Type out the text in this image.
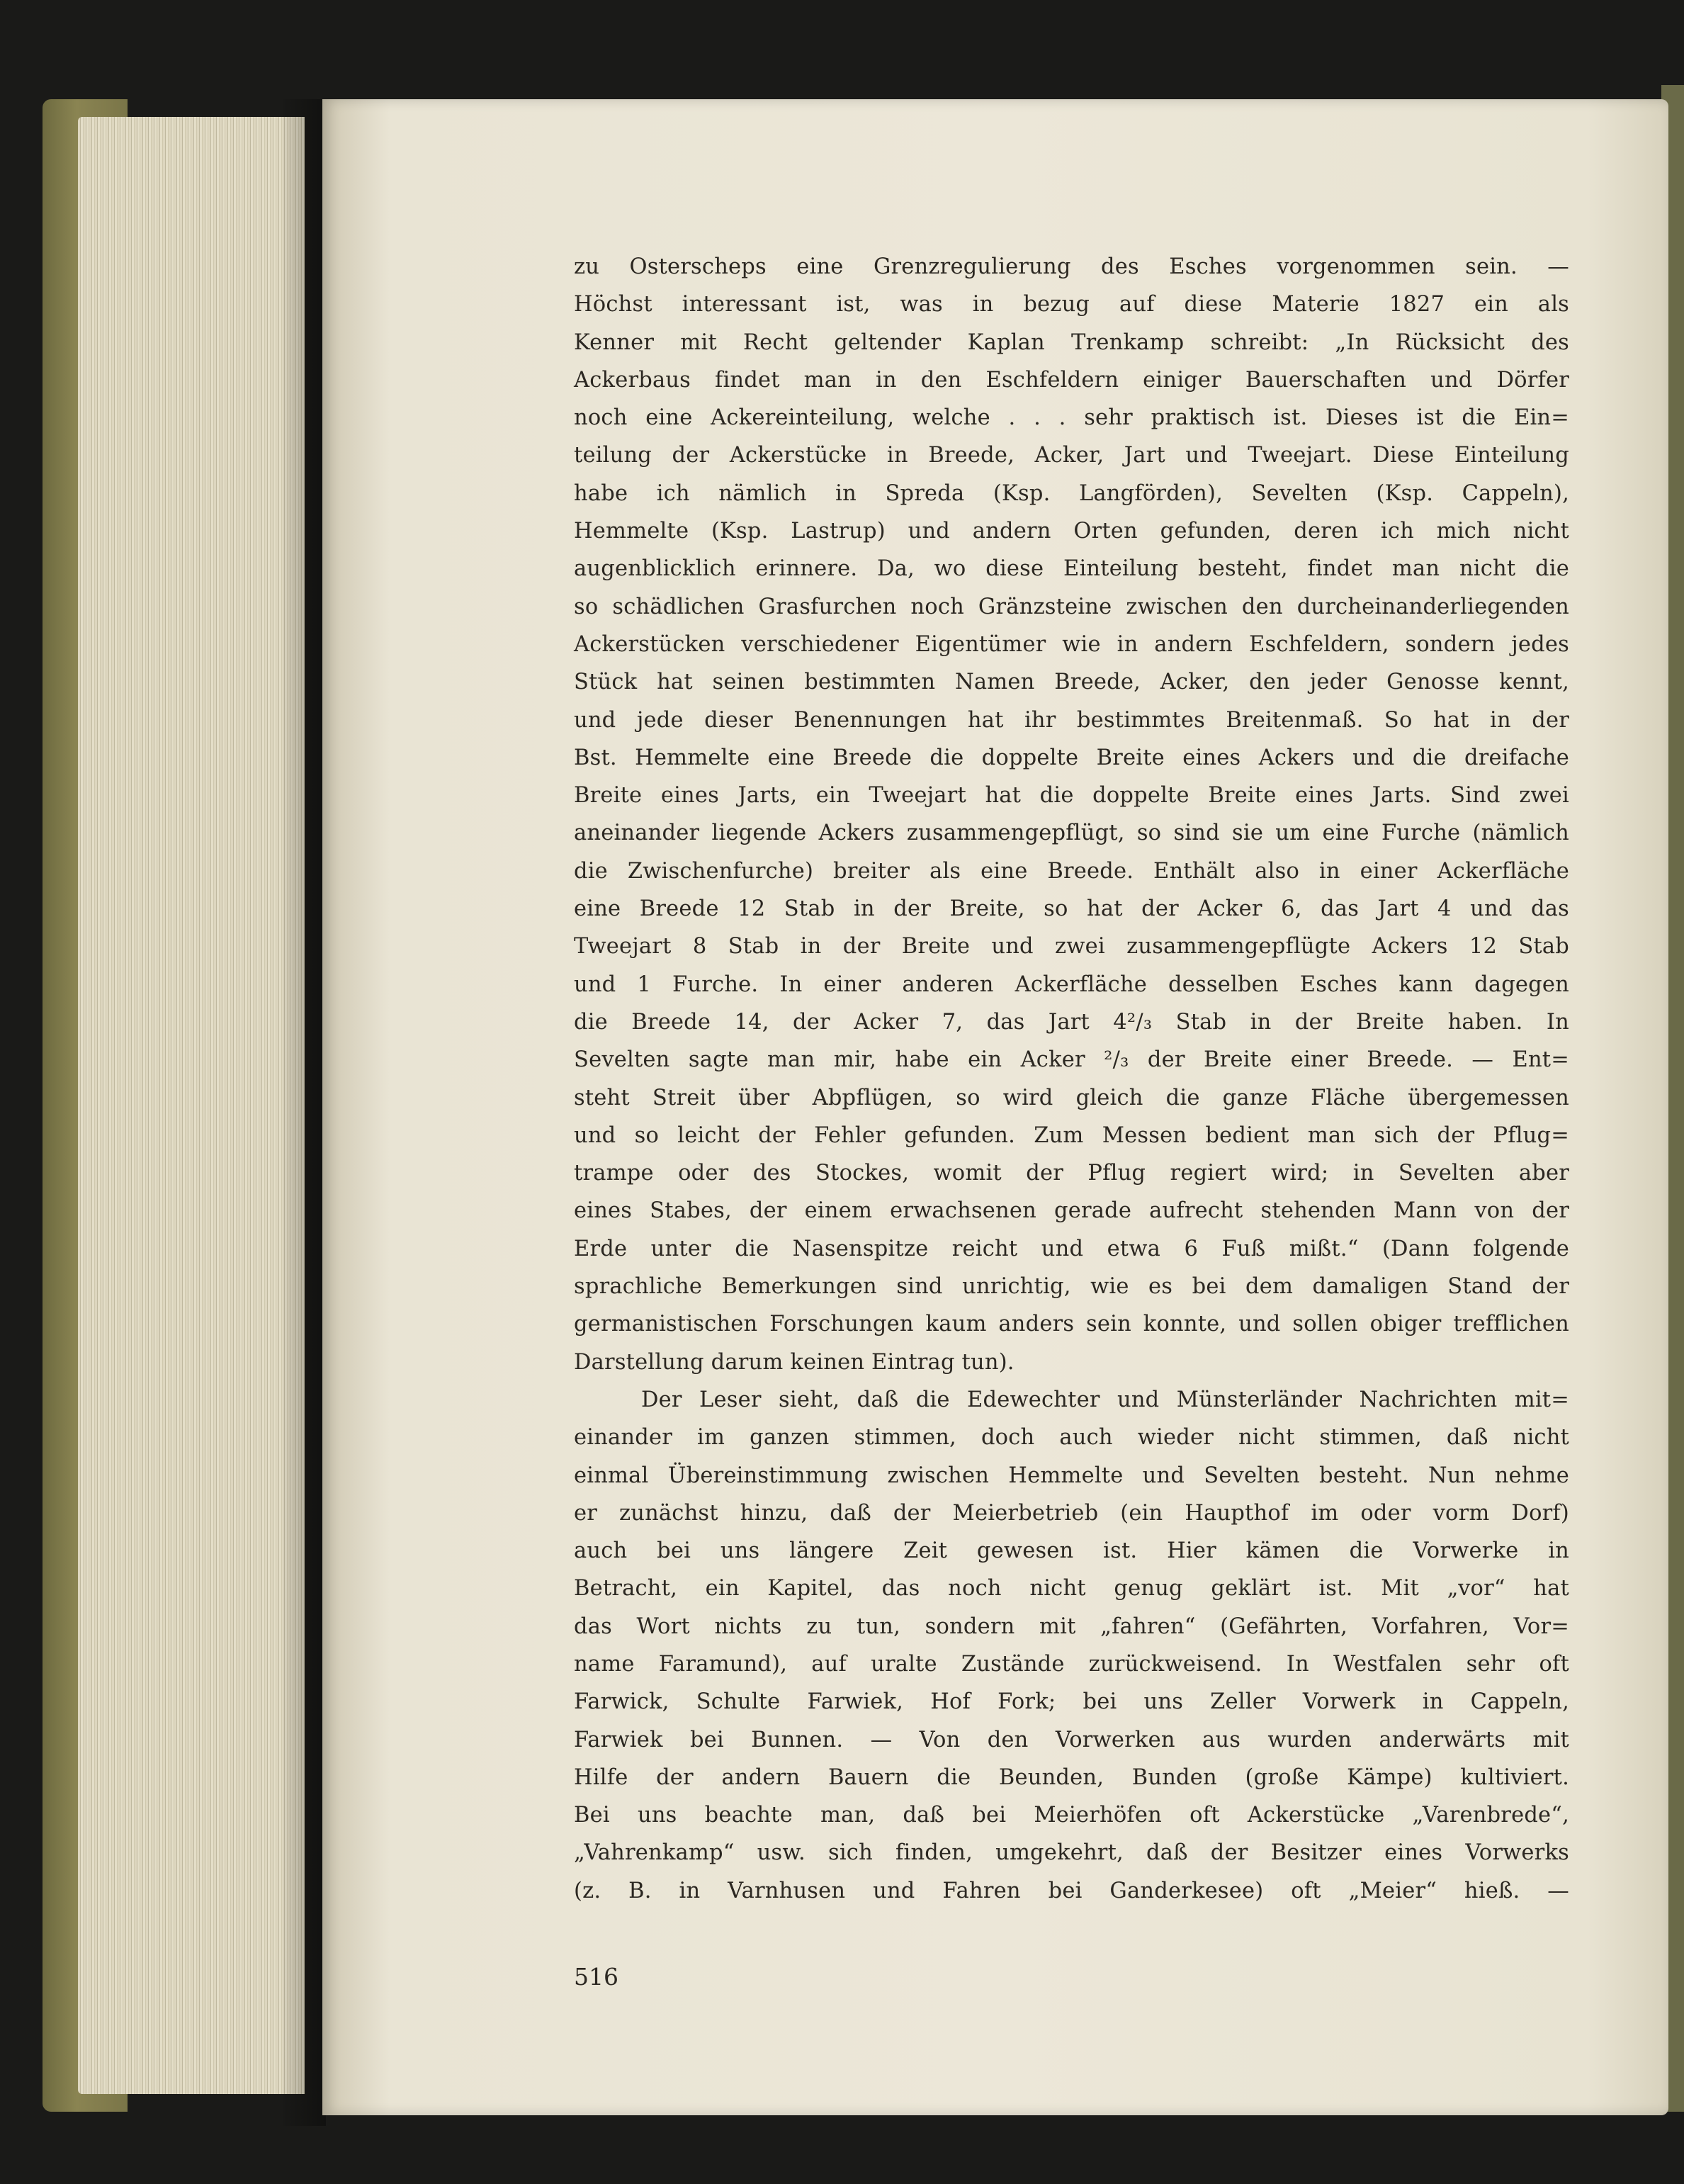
zu Osterscheps eine Grenzregulierung des Esches vorgenommen sein. —
Höchst interessant ist, was in bezug auf diese Materie 1827 ein als
Kenner mit Recht geltender Kaplan Trenkamp schreibt: „In Rücksicht des
Ackerbaus findet man in den Eschfeldern einiger Bauerschaften und Dörfer
noch eine Ackereinteilung, welche . . . sehr praktisch ist. Dieses ist die Ein=
teilung der Ackerstücke in Breede, Acker, Jart und Tweejart. Diese Einteilung
habe ich nämlich in Spreda (Ksp. Langförden), Sevelten (Ksp. Cappeln),
Hemmelte (Ksp. Lastrup) und andern Orten gefunden, deren ich mich nicht
augenblicklich erinnere. Da, wo diese Einteilung besteht, findet man nicht die
so schädlichen Grasfurchen noch Gränzsteine zwischen den durcheinanderliegenden
Ackerstücken verschiedener Eigentümer wie in andern Eschfeldern, sondern jedes
Stück hat seinen bestimmten Namen Breede, Acker, den jeder Genosse kennt,
und jede dieser Benennungen hat ihr bestimmtes Breitenmaß. So hat in der
Bst. Hemmelte eine Breede die doppelte Breite eines Ackers und die dreifache
Breite eines Jarts, ein Tweejart hat die doppelte Breite eines Jarts. Sind zwei
aneinander liegende Ackers zusammengepflügt, so sind sie um eine Furche (nämlich
die Zwischenfurche) breiter als eine Breede. Enthält also in einer Ackerfläche
eine Breede 12 Stab in der Breite, so hat der Acker 6, das Jart 4 und das
Tweejart 8 Stab in der Breite und zwei zusammengepflügte Ackers 12 Stab
und 1 Furche. In einer anderen Ackerfläche desselben Esches kann dagegen
die Breede 14, der Acker 7, das Jart 4²/₃ Stab in der Breite haben. In
Sevelten sagte man mir, habe ein Acker ²/₃ der Breite einer Breede. — Ent=
steht Streit über Abpflügen, so wird gleich die ganze Fläche übergemessen
und so leicht der Fehler gefunden. Zum Messen bedient man sich der Pflug=
trampe oder des Stockes, womit der Pflug regiert wird; in Sevelten aber
eines Stabes, der einem erwachsenen gerade aufrecht stehenden Mann von der
Erde unter die Nasenspitze reicht und etwa 6 Fuß mißt.“ (Dann folgende
sprachliche Bemerkungen sind unrichtig, wie es bei dem damaligen Stand der
germanistischen Forschungen kaum anders sein konnte, und sollen obiger trefflichen
Darstellung darum keinen Eintrag tun).
Der Leser sieht, daß die Edewechter und Münsterländer Nachrichten mit=
einander im ganzen stimmen, doch auch wieder nicht stimmen, daß nicht
einmal Übereinstimmung zwischen Hemmelte und Sevelten besteht. Nun nehme
er zunächst hinzu, daß der Meierbetrieb (ein Haupthof im oder vorm Dorf)
auch bei uns längere Zeit gewesen ist. Hier kämen die Vorwerke in
Betracht, ein Kapitel, das noch nicht genug geklärt ist. Mit „vor“ hat
das Wort nichts zu tun, sondern mit „fahren“ (Gefährten, Vorfahren, Vor=
name Faramund), auf uralte Zustände zurückweisend. In Westfalen sehr oft
Farwick, Schulte Farwiek, Hof Fork; bei uns Zeller Vorwerk in Cappeln,
Farwiek bei Bunnen. — Von den Vorwerken aus wurden anderwärts mit
Hilfe der andern Bauern die Beunden, Bunden (große Kämpe) kultiviert.
Bei uns beachte man, daß bei Meierhöfen oft Ackerstücke „Varenbrede“,
„Vahrenkamp“ usw. sich finden, umgekehrt, daß der Besitzer eines Vorwerks
(z. B. in Varnhusen und Fahren bei Ganderkesee) oft „Meier“ hieß. —
516
